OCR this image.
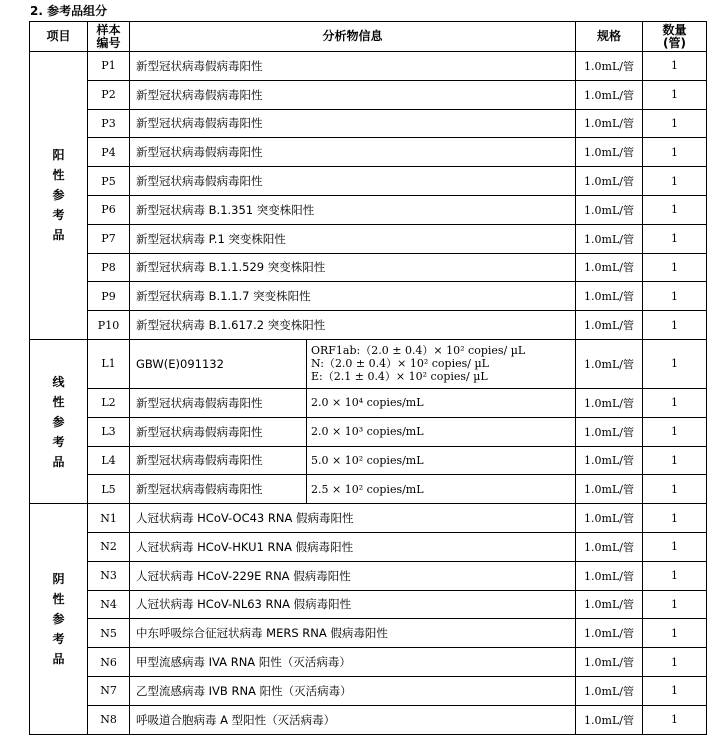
2. 参考品组分
项目	样本编号	分析物信息		规格	数量(管)
阳性参考品	P1	新型冠状病毒假病毒阳性		1.0mL/管	1
	P2	新型冠状病毒假病毒阳性		1.0mL/管	1
	P3	新型冠状病毒假病毒阳性		1.0mL/管	1
	P4	新型冠状病毒假病毒阳性		1.0mL/管	1
	P5	新型冠状病毒假病毒阳性		1.0mL/管	1
	P6	新型冠状病毒 B.1.351 突变株阳性		1.0mL/管	1
	P7	新型冠状病毒 P.1 突变株阳性		1.0mL/管	1
	P8	新型冠状病毒 B.1.1.529 突变株阳性		1.0mL/管	1
	P9	新型冠状病毒 B.1.1.7 突变株阳性		1.0mL/管	1
	P10	新型冠状病毒 B.1.617.2 突变株阳性		1.0mL/管	1
线性参考品	L1	GBW(E)091132	ORF1ab:（2.0 ± 0.4）× 10² copies/ µL
N:（2.0 ± 0.4）× 10² copies/ µL
E:（2.1 ± 0.4）× 10² copies/ µL	1.0mL/管	1
	L2	新型冠状病毒假病毒阳性	2.0 × 10⁴ copies/mL	1.0mL/管	1
	L3	新型冠状病毒假病毒阳性	2.0 × 10³ copies/mL	1.0mL/管	1
	L4	新型冠状病毒假病毒阳性	5.0 × 10² copies/mL	1.0mL/管	1
	L5	新型冠状病毒假病毒阳性	2.5 × 10² copies/mL	1.0mL/管	1
阴性参考品	N1	人冠状病毒 HCoV-OC43 RNA 假病毒阳性		1.0mL/管	1
	N2	人冠状病毒 HCoV-HKU1 RNA 假病毒阳性		1.0mL/管	1
	N3	人冠状病毒 HCoV-229E RNA 假病毒阳性		1.0mL/管	1
	N4	人冠状病毒 HCoV-NL63 RNA 假病毒阳性		1.0mL/管	1
	N5	中东呼吸综合征冠状病毒 MERS RNA 假病毒阳性		1.0mL/管	1
	N6	甲型流感病毒 IVA RNA 阳性（灭活病毒）		1.0mL/管	1
	N7	乙型流感病毒 IVB RNA 阳性（灭活病毒）		1.0mL/管	1
	N8	呼吸道合胞病毒 A 型阳性（灭活病毒）		1.0mL/管	1
